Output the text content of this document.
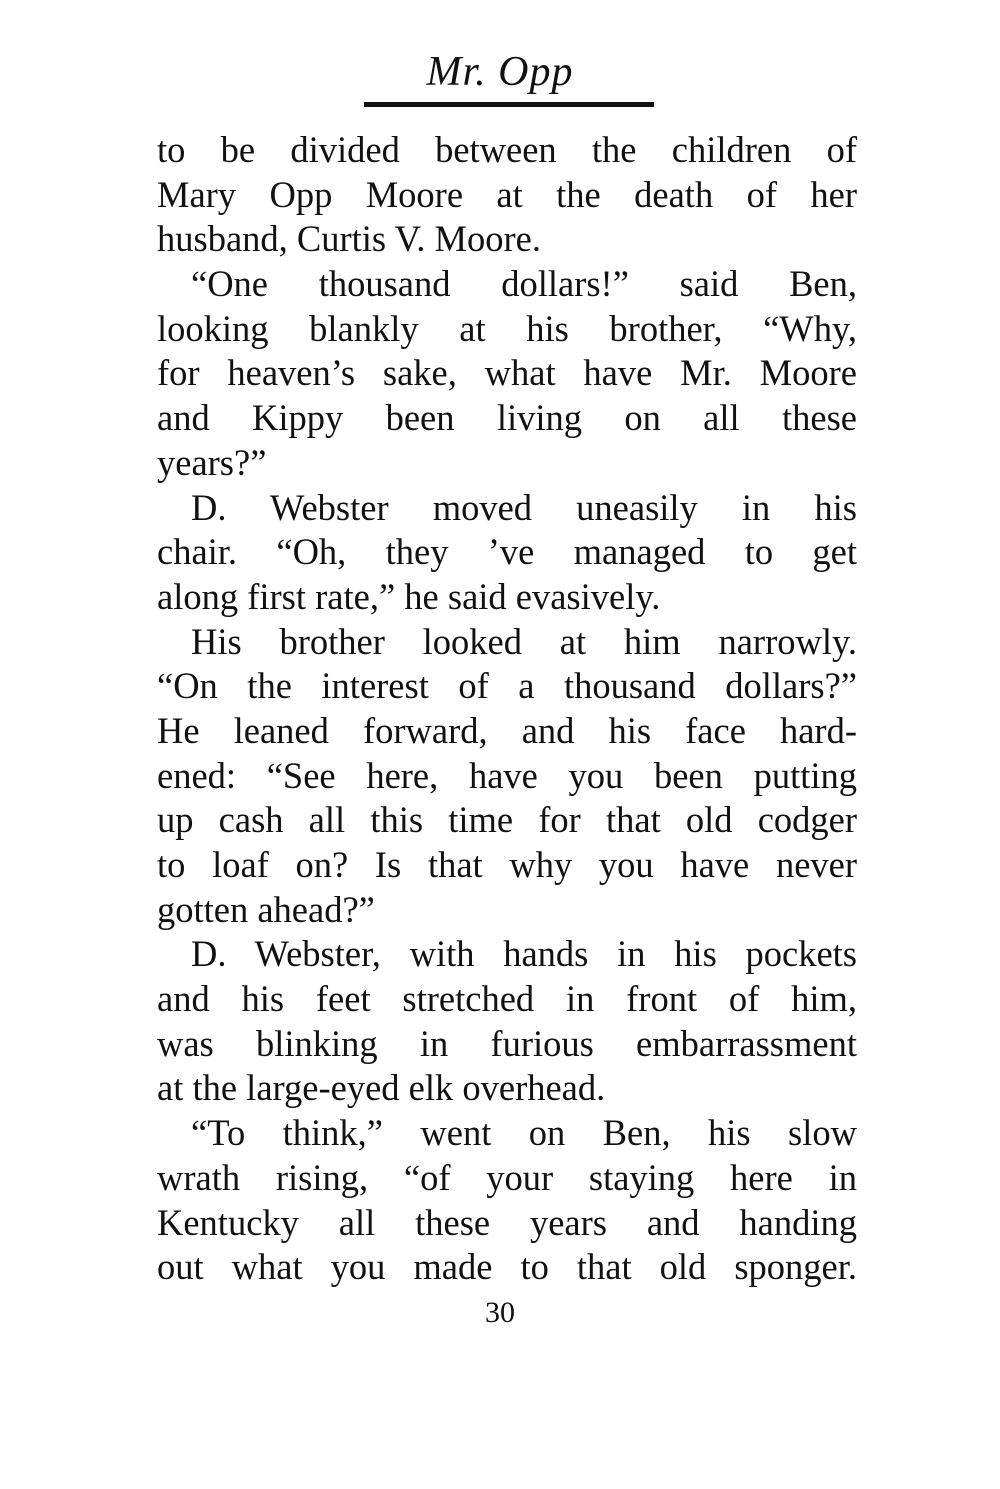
Mr. Opp
to be divided between the children of
Mary Opp Moore at the death of her
husband, Curtis V. Moore.
“One thousand dollars!” said Ben,
looking blankly at his brother, “Why,
for heaven’s sake, what have Mr. Moore
and Kippy been living on all these
years?”
D. Webster moved uneasily in his
chair. “Oh, they ’ve managed to get
along first rate,” he said evasively.
His brother looked at him narrowly.
“On the interest of a thousand dollars?”
He leaned forward, and his face hard-
ened: “See here, have you been putting
up cash all this time for that old codger
to loaf on? Is that why you have never
gotten ahead?”
D. Webster, with hands in his pockets
and his feet stretched in front of him,
was blinking in furious embarrassment
at the large-eyed elk overhead.
“To think,” went on Ben, his slow
wrath rising, “of your staying here in
Kentucky all these years and handing
out what you made to that old sponger.
30
